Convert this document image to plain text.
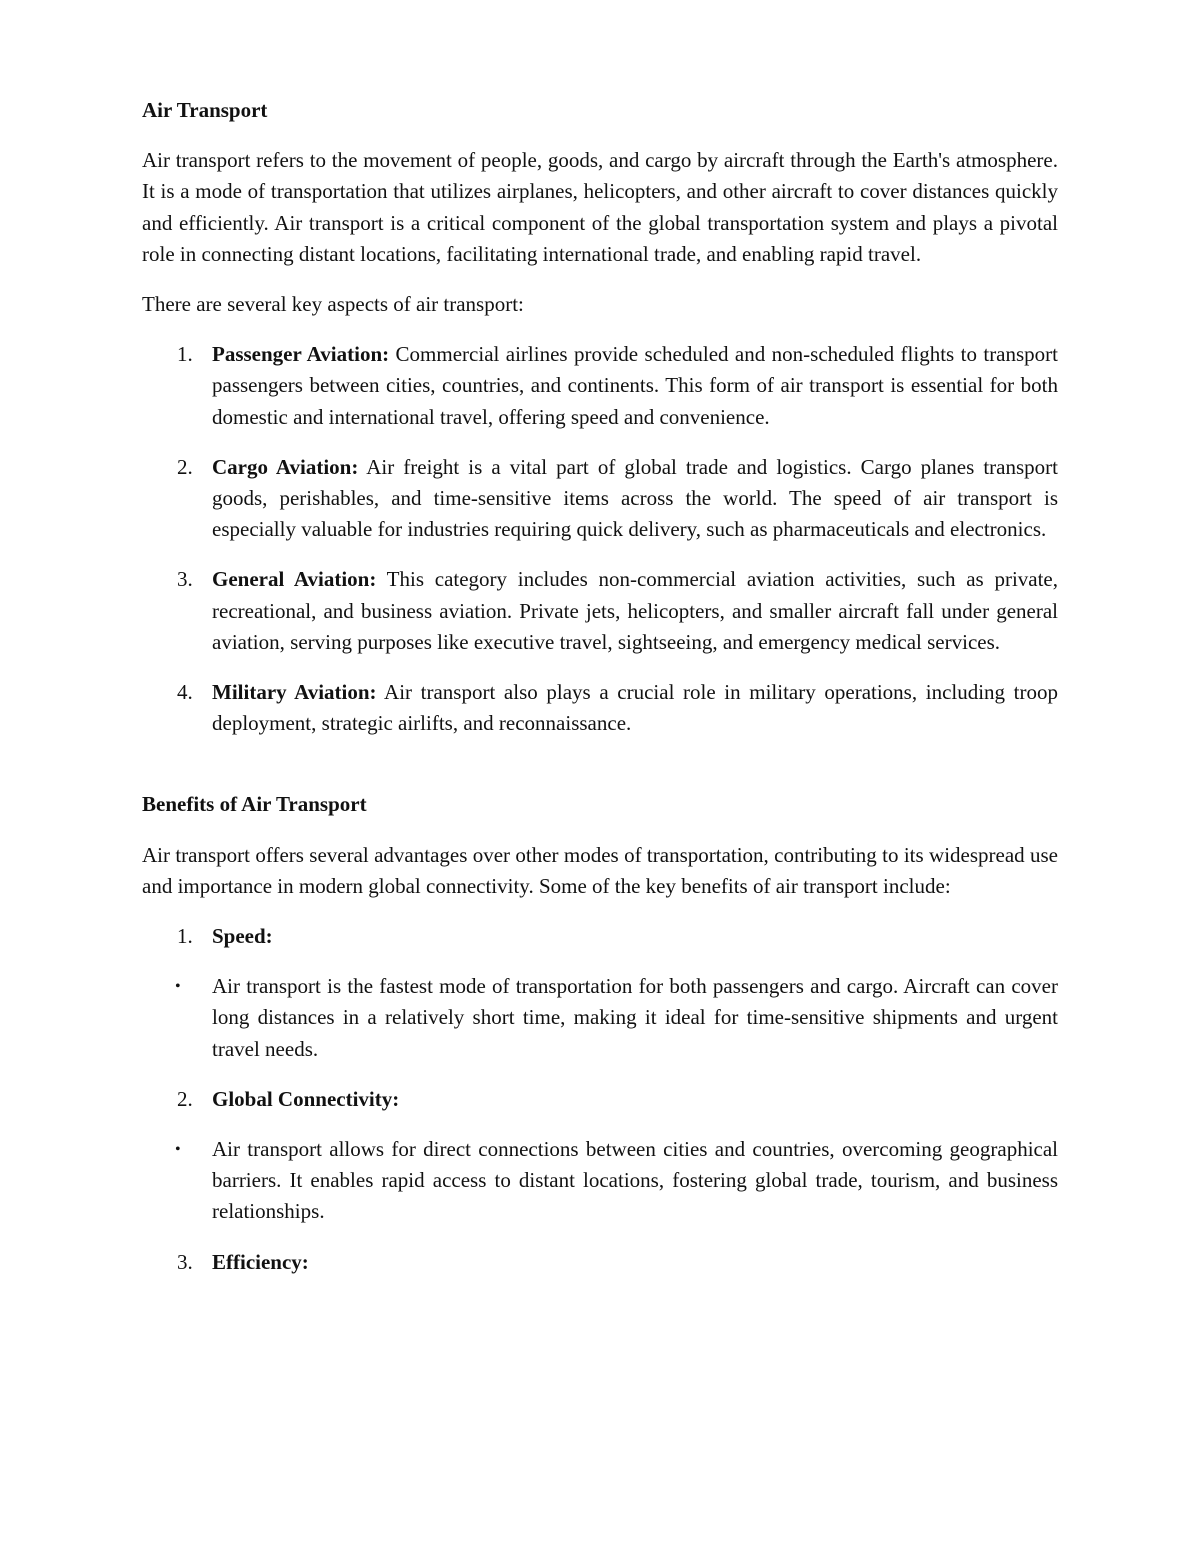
Air Transport
Air transport refers to the movement of people, goods, and cargo by aircraft through the Earth's atmosphere. It is a mode of transportation that utilizes airplanes, helicopters, and other aircraft to cover distances quickly and efficiently. Air transport is a critical component of the global transportation system and plays a pivotal role in connecting distant locations, facilitating international trade, and enabling rapid travel.
There are several key aspects of air transport:
1. Passenger Aviation: Commercial airlines provide scheduled and non-scheduled flights to transport passengers between cities, countries, and continents. This form of air transport is essential for both domestic and international travel, offering speed and convenience.
2. Cargo Aviation: Air freight is a vital part of global trade and logistics. Cargo planes transport goods, perishables, and time-sensitive items across the world. The speed of air transport is especially valuable for industries requiring quick delivery, such as pharmaceuticals and electronics.
3. General Aviation: This category includes non-commercial aviation activities, such as private, recreational, and business aviation. Private jets, helicopters, and smaller aircraft fall under general aviation, serving purposes like executive travel, sightseeing, and emergency medical services.
4. Military Aviation: Air transport also plays a crucial role in military operations, including troop deployment, strategic airlifts, and reconnaissance.
Benefits of Air Transport
Air transport offers several advantages over other modes of transportation, contributing to its widespread use and importance in modern global connectivity. Some of the key benefits of air transport include:
1. Speed:
• Air transport is the fastest mode of transportation for both passengers and cargo. Aircraft can cover long distances in a relatively short time, making it ideal for time-sensitive shipments and urgent travel needs.
2. Global Connectivity:
• Air transport allows for direct connections between cities and countries, overcoming geographical barriers. It enables rapid access to distant locations, fostering global trade, tourism, and business relationships.
3. Efficiency:
